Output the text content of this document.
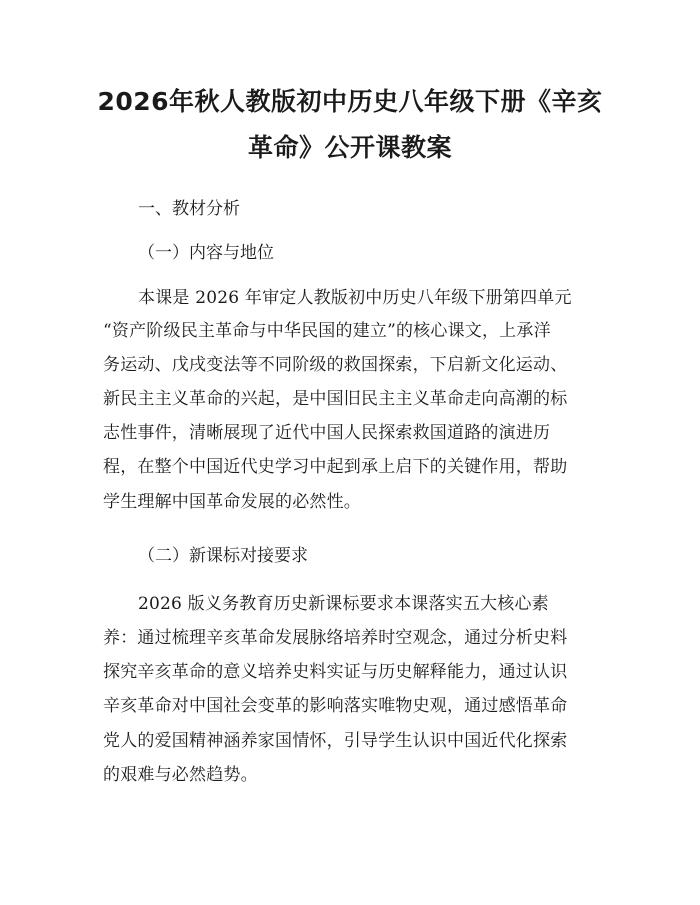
2026年秋人教版初中历史八年级下册《辛亥
革命》公开课教案
一、教材分析
（一）内容与地位
本课是 2026 年审定人教版初中历史八年级下册第四单元
“资产阶级民主革命与中华民国的建立”的核心课文，上承洋
务运动、戊戌变法等不同阶级的救国探索，下启新文化运动、
新民主主义革命的兴起，是中国旧民主主义革命走向高潮的标
志性事件，清晰展现了近代中国人民探索救国道路的演进历
程，在整个中国近代史学习中起到承上启下的关键作用，帮助
学生理解中国革命发展的必然性。
（二）新课标对接要求
2026 版义务教育历史新课标要求本课落实五大核心素
养：通过梳理辛亥革命发展脉络培养时空观念，通过分析史料
探究辛亥革命的意义培养史料实证与历史解释能力，通过认识
辛亥革命对中国社会变革的影响落实唯物史观，通过感悟革命
党人的爱国精神涵养家国情怀，引导学生认识中国近代化探索
的艰难与必然趋势。
